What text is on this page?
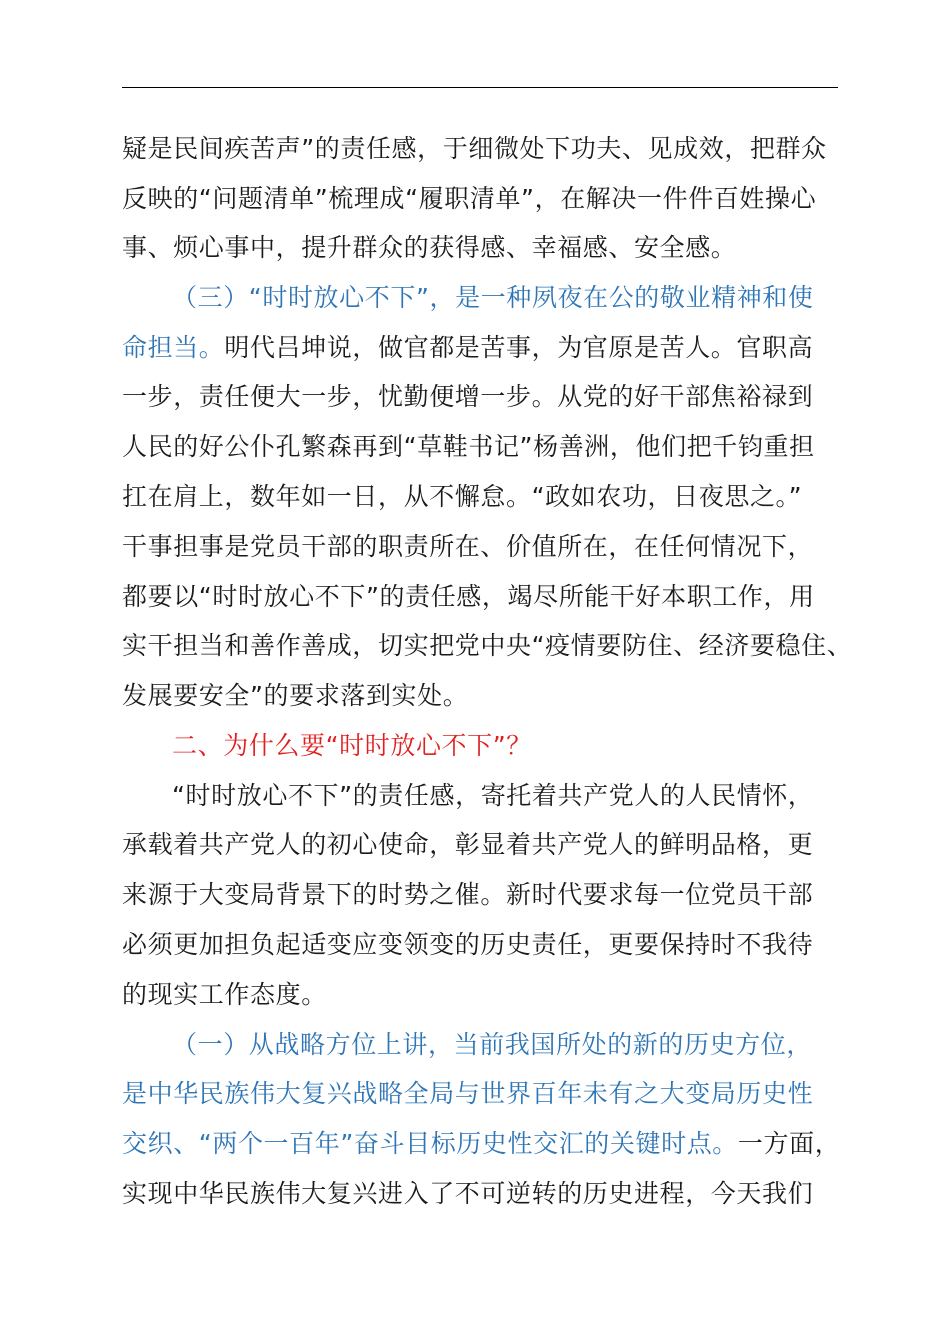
疑是民间疾苦声”的责任感，于细微处下功夫、见成效，把群众
反映的“问题清单”梳理成“履职清单”，在解决一件件百姓操心
事、烦心事中，提升群众的获得感、幸福感、安全感。
（三）“时时放心不下”，是一种夙夜在公的敬业精神和使
命担当。明代吕坤说，做官都是苦事，为官原是苦人。官职高
一步，责任便大一步，忧勤便增一步。从党的好干部焦裕禄到
人民的好公仆孔繁森再到“草鞋书记”杨善洲，他们把千钧重担
扛在肩上，数年如一日，从不懈怠。“政如农功，日夜思之。”
干事担事是党员干部的职责所在、价值所在，在任何情况下，
都要以“时时放心不下”的责任感，竭尽所能干好本职工作，用
实干担当和善作善成，切实把党中央“疫情要防住、经济要稳住、
发展要安全”的要求落到实处。
二、为什么要“时时放心不下”？
“时时放心不下”的责任感，寄托着共产党人的人民情怀，
承载着共产党人的初心使命，彰显着共产党人的鲜明品格，更
来源于大变局背景下的时势之催。新时代要求每一位党员干部
必须更加担负起适变应变领变的历史责任，更要保持时不我待
的现实工作态度。
（一）从战略方位上讲，当前我国所处的新的历史方位，
是中华民族伟大复兴战略全局与世界百年未有之大变局历史性
交织、“两个一百年”奋斗目标历史性交汇的关键时点。一方面，
实现中华民族伟大复兴进入了不可逆转的历史进程，今天我们
